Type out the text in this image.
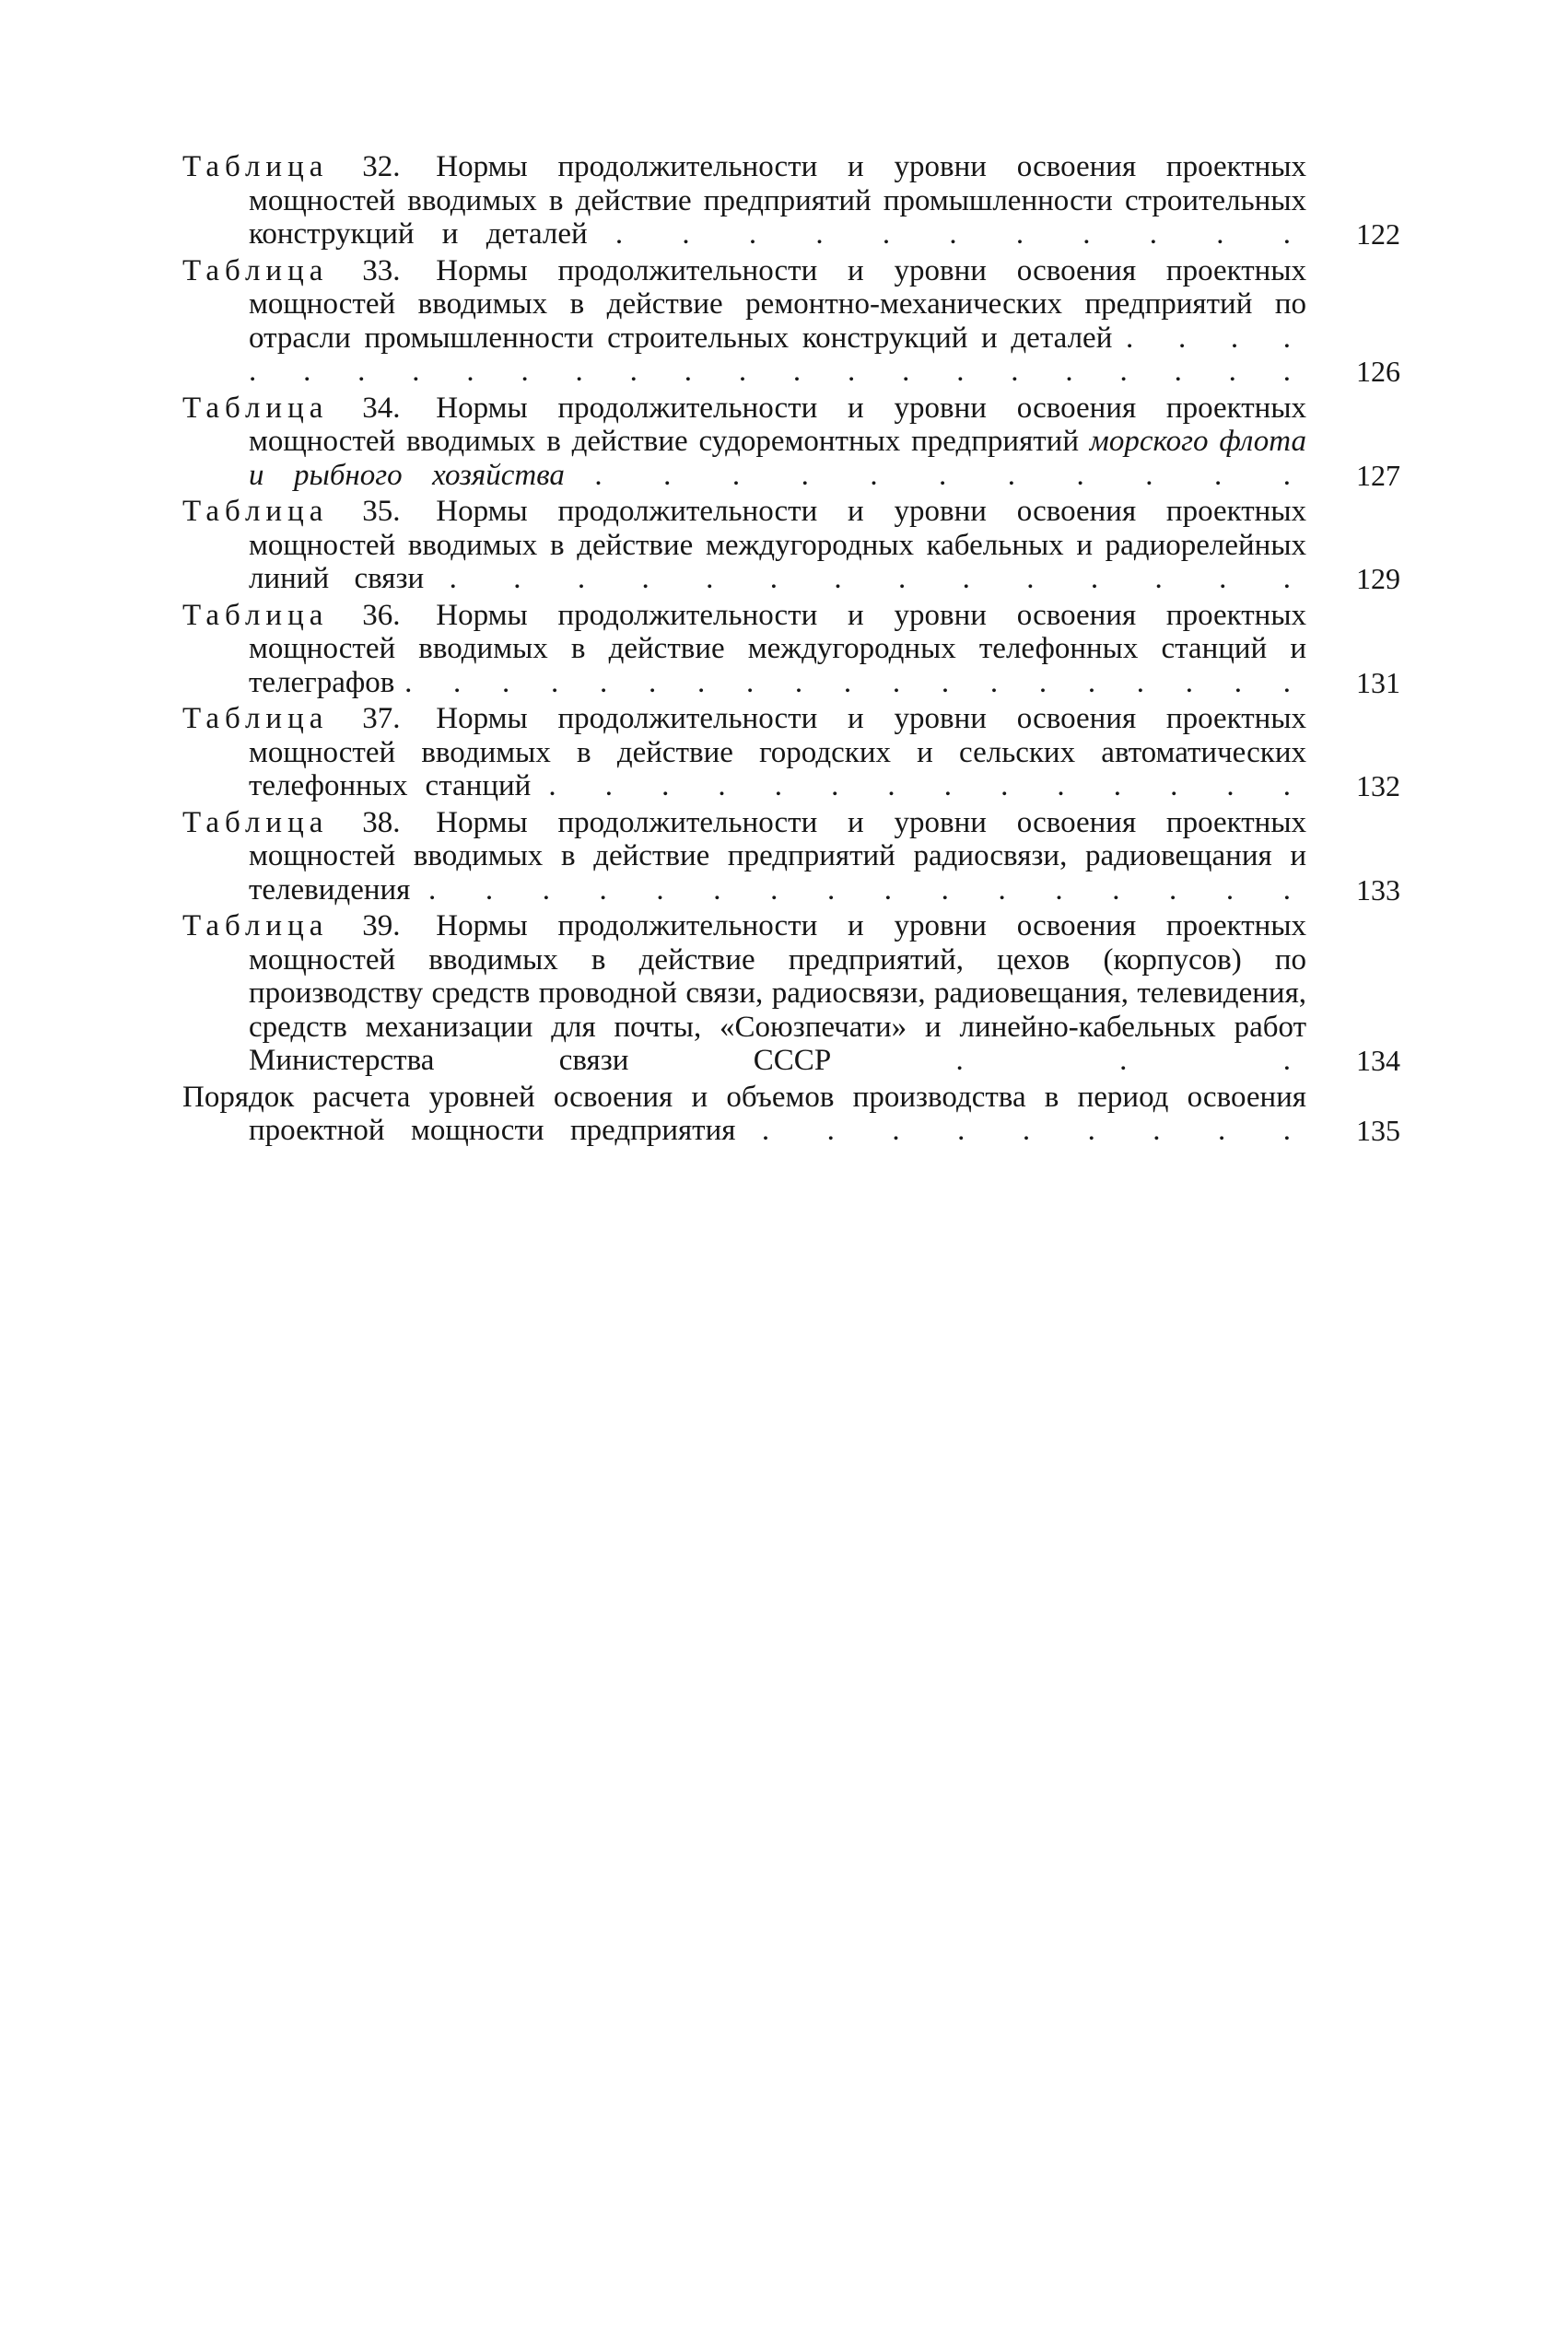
Таблица 32. Нормы продолжительности и уровни освоения проектных мощностей вводимых в действие предприятий промышленности строительных конструкций и деталей . . . . . . . . . . .	122
Таблица 33. Нормы продолжительности и уровни освоения проектных мощностей вводимых в действие ремонтно-механических предприятий по отрасли промышленности строительных конструкций и деталей . . . . . . . . . . . . . . . . . . . . . . . .	126
Таблица 34. Нормы продолжительности и уровни освоения проектных мощностей вводимых в действие судоремонтных предприятий морского флота и рыбного хозяйства . . . . . . . . . . .	127
Таблица 35. Нормы продолжительности и уровни освоения проектных мощностей вводимых в действие междугородных кабельных и радиорелейных линий связи . . . . . . . . . . . . . .	129
Таблица 36. Нормы продолжительности и уровни освоения проектных мощностей вводимых в действие междугородных телефонных станций и телеграфов . . . . . . . . . . . . . . . . . . .	131
Таблица 37. Нормы продолжительности и уровни освоения проектных мощностей вводимых в действие городских и сельских автоматических телефонных станций . . . . . . . . . . . . . .	132
Таблица 38. Нормы продолжительности и уровни освоения проектных мощностей вводимых в действие предприятий радиосвязи, радиовещания и телевидения . . . . . . . . . . . . . . . .	133
Таблица 39. Нормы продолжительности и уровни освоения проектных мощностей вводимых в действие предприятий, цехов (корпусов) по производству средств проводной связи, радиосвязи, радиовещания, телевидения, средств механизации для почты, «Союзпечати» и линейно-кабельных работ Министерства связи СССР	. . .	134
Порядок расчета уровней освоения и объемов производства в период освоения проектной мощности предприятия . . . . . . . . .	135
